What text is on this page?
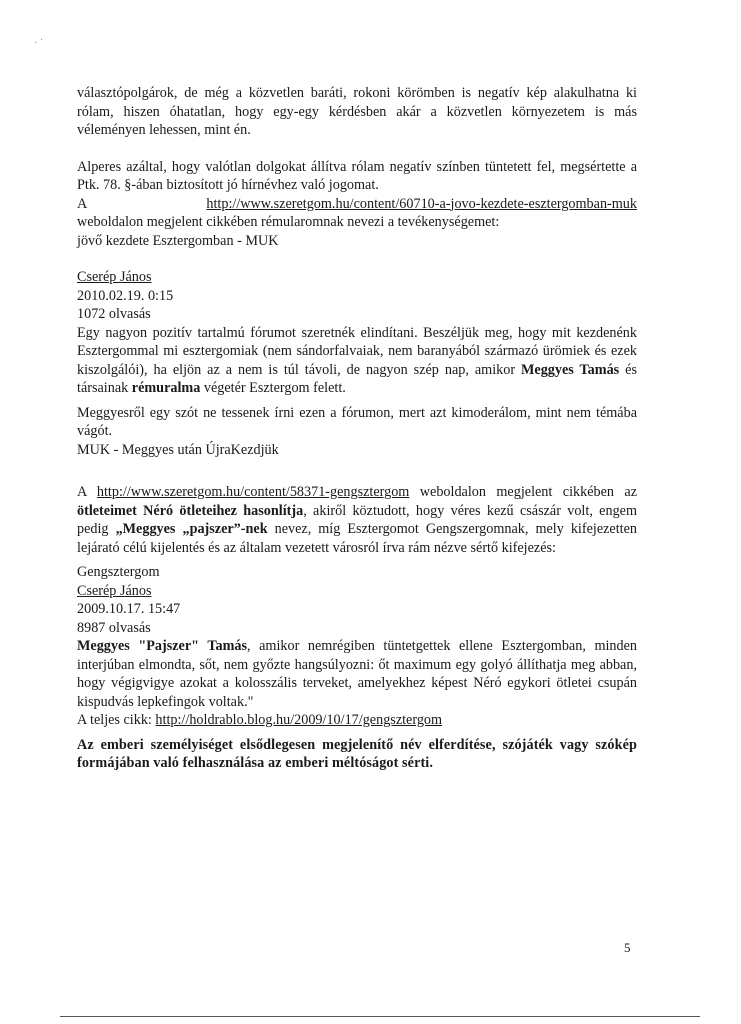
· ˙

választópolgárok, de még a közvetlen baráti, rokoni körömben is negatív kép alakulhatna ki rólam, hiszen óhatatlan, hogy egy-egy kérdésben akár a közvetlen környezetem is más véleményen lehessen, mint én.

Alperes azáltal, hogy valótlan dolgokat állítva rólam negatív színben tüntetett fel, megsértette a Ptk. 78. §-ában biztosított jó hírnévhez való jogomat.

A	http://www.szeretgom.hu/content/60710-a-jovo-kezdete-esztergomban-muk

weboldalon megjelent cikkében rémularomnak nevezi a tevékenységemet:

jövő kezdete Esztergomban - MUK

Cserép János

2010.02.19. 0:15

1072 olvasás

Egy nagyon pozitív tartalmú fórumot szeretnék elindítani. Beszéljük meg, hogy mit kezdenénk Esztergommal mi esztergomiak (nem sándorfalvaiak, nem baranyából származó ürömiek és ezek kiszolgálói), ha eljön az a nem is túl távoli, de nagyon szép nap, amikor Meggyes Tamás és társainak rémuralma végetér Esztergom felett.

Meggyesről egy szót ne tessenek írni ezen a fórumon, mert azt kimoderálom, mint nem témába vágót.

MUK - Meggyes után ÚjraKezdjük

A http://www.szeretgom.hu/content/58371-gengsztergom weboldalon megjelent cikkében az ötleteimet Néró ötleteihez hasonlítja, akiről köztudott, hogy véres kezű császár volt, engem pedig „Meggyes „pajszer”-nek nevez, míg Esztergomot Gengszergomnak, mely kifejezetten lejárató célú kijelentés és az általam vezetett városról írva rám nézve sértő kifejezés:

Gengsztergom

Cserép János

2009.10.17. 15:47

8987 olvasás

Meggyes "Pajszer" Tamás, amikor nemrégiben tüntetgettek ellene Esztergomban, minden interjúban elmondta, sőt, nem győzte hangsúlyozni: őt maximum egy golyó állíthatja meg abban, hogy végigvigye azokat a kolosszális terveket, amelyekhez képest Néró egykori ötletei csupán kispudvás lepkefingok voltak."

A teljes cikk: http://holdrablo.blog.hu/2009/10/17/gengsztergom

Az emberi személyiséget elsődlegesen megjelenítő név elferdítése, szójáték vagy szókép formájában való felhasználása az emberi méltóságot sérti.

5
